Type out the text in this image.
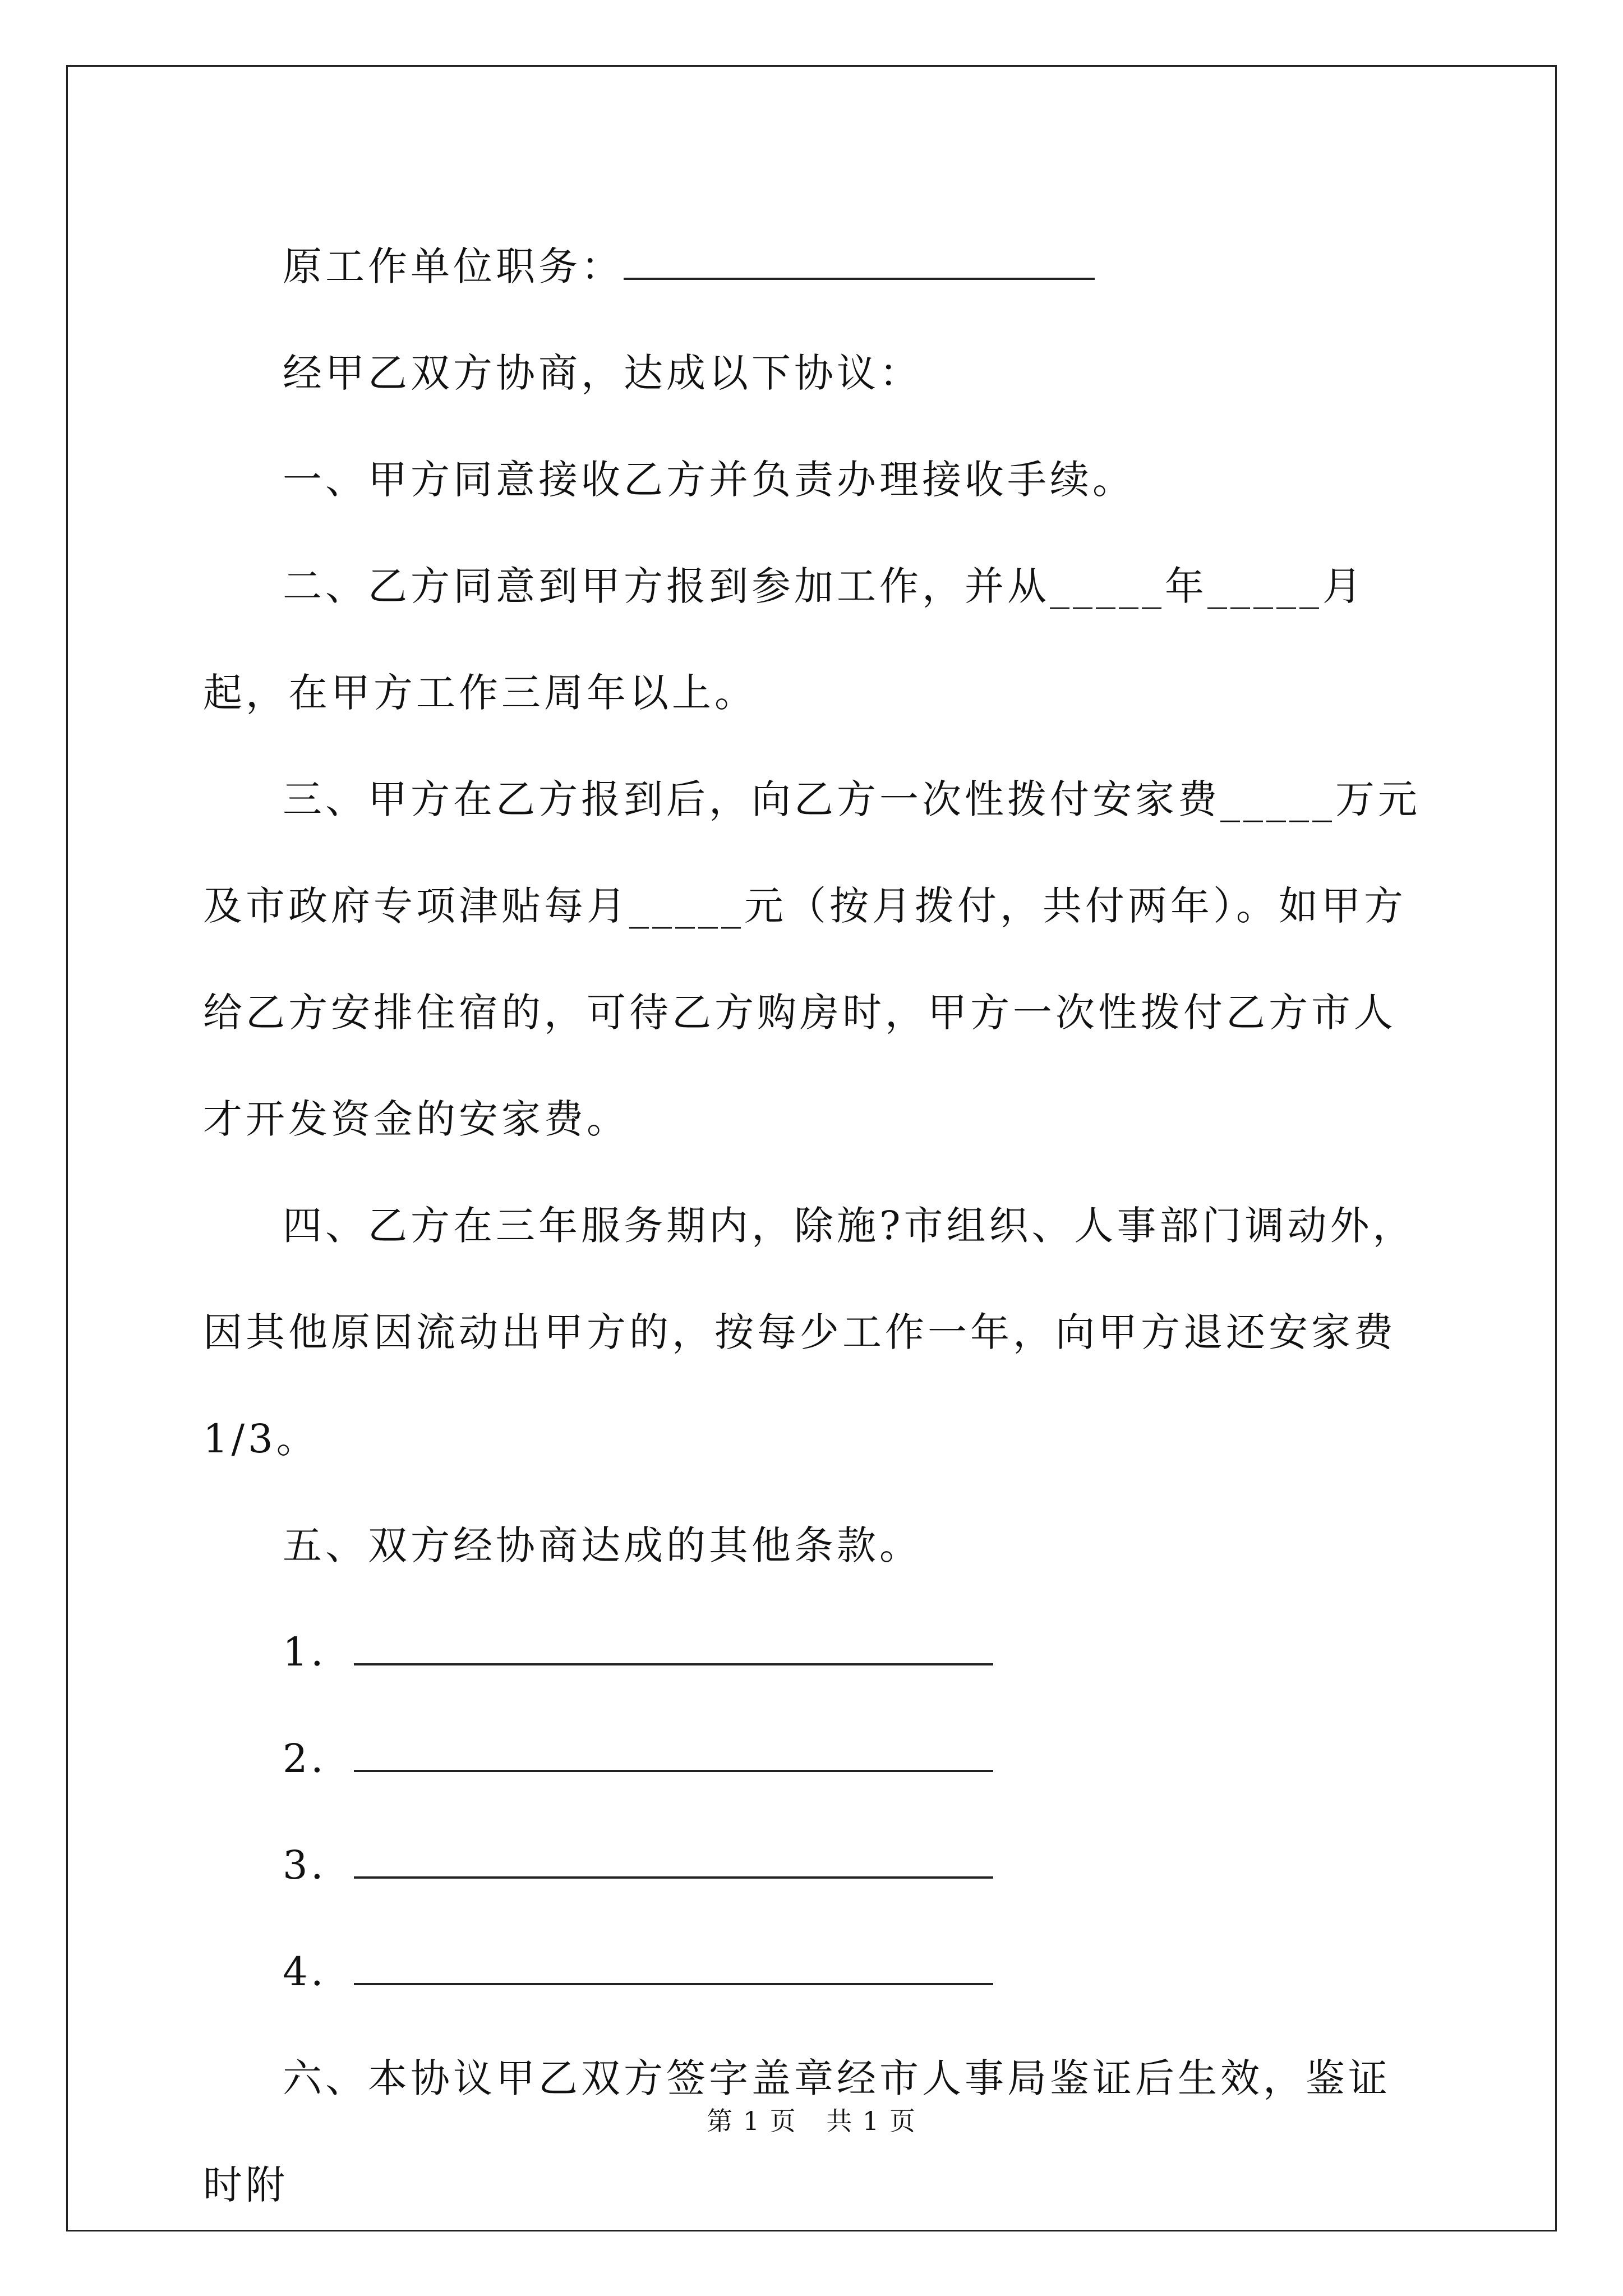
原工作单位职务：

经甲乙双方协商，达成以下协议：

一、甲方同意接收乙方并负责办理接收手续。

二、乙方同意到甲方报到参加工作，并从_____年_____月起，在甲方工作三周年以上。

三、甲方在乙方报到后，向乙方一次性拨付安家费_____万元及市政府专项津贴每月_____元（按月拨付，共付两年）。如甲方给乙方安排住宿的，可待乙方购房时，甲方一次性拨付乙方市人才开发资金的安家费。

四、乙方在三年服务期内，除施?市组织、人事部门调动外，因其他原因流动出甲方的，按每少工作一年，向甲方退还安家费 1/3。

五、双方经协商达成的其他条款。

1．

2．

3．

4．

六、本协议甲乙双方签字盖章经市人事局鉴证后生效，鉴证时附

第 1 页 共 1 页
